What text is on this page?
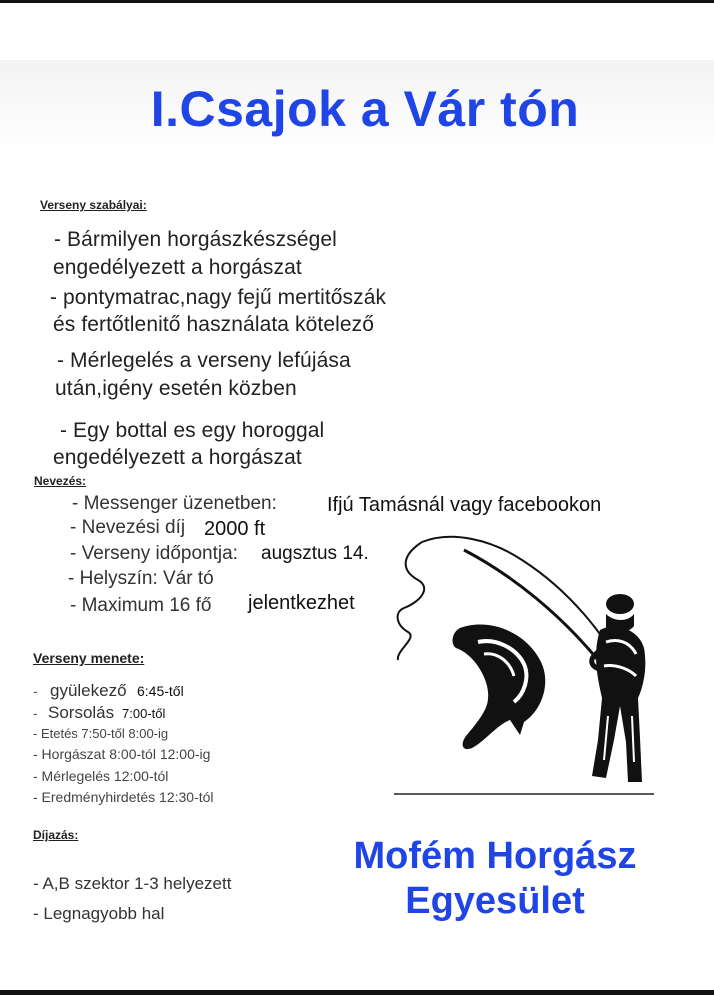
I.Csajok a Vár tón
Verseny szabályai:
- Bármilyen horgászkészségel
engedélyezett a horgászat
- pontymatrac,nagy fejű mertitőszák
és fertőtlenitő használata kötelező
- Mérlegelés a verseny lefújása
után,igény esetén közben
- Egy bottal es egy horoggal
engedélyezett a horgászat
Nevezés:
- Messenger üzenetben:	Ifjú Tamásnál vagy facebookon
- Nevezési díj 2000 ft
- Verseny időpontja: augsztus 14.
- Helyszín: Vár tó
- Maximum 16 fő jelentkezhet
Verseny menete:
- gyülekező 6:45-től
- Sorsolás 7:00-től
- Etetés 7:50-től 8:00-ig
- Horgászat 8:00-tól 12:00-ig
- Mérlegelés 12:00-tól
- Eredményhirdetés 12:30-tól
Díjazás:
- A,B szektor 1-3 helyezett
- Legnagyobb hal
Mofém Horgász
Egyesület
